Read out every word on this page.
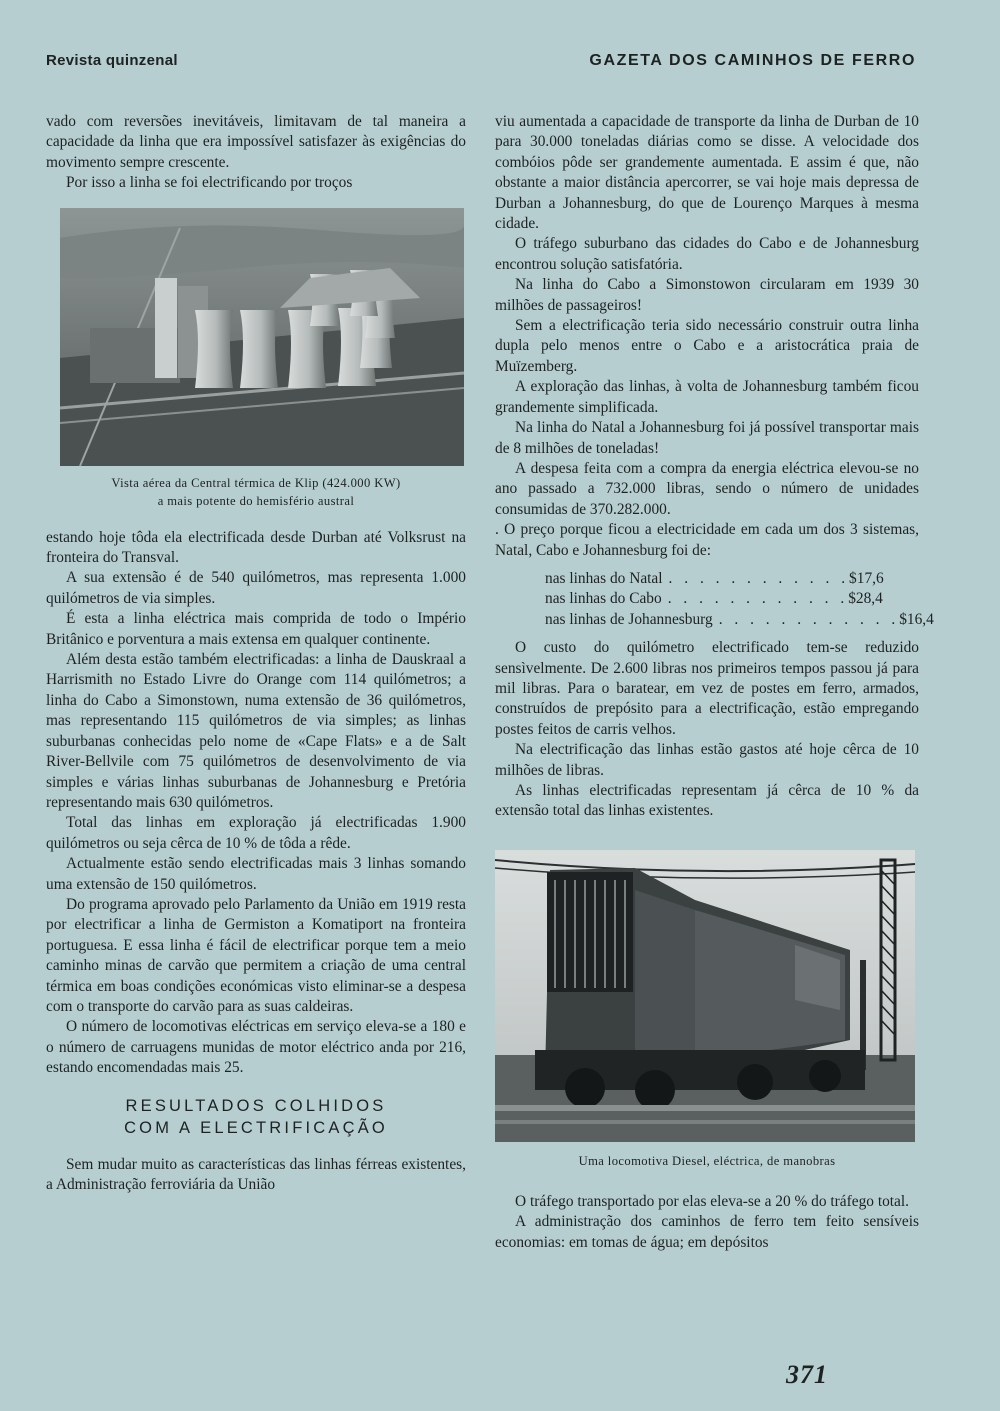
Revista quinzenal	GAZETA DOS CAMINHOS DE FERRO

vado com reversões inevitáveis, limitavam de tal maneira a capacidade da linha que era impossível satisfazer às exigências do movimento sempre crescente.

Por isso a linha se foi electrificando por troços

Vista aérea da Central térmica de Klip (424.000 KW)
a mais potente do hemisfério austral

estando hoje tôda ela electrificada desde Durban até Volksrust na fronteira do Transval.

A sua extensão é de 540 quilómetros, mas representa 1.000 quilómetros de via simples.

É esta a linha eléctrica mais comprida de todo o Império Britânico e porventura a mais extensa em qualquer continente.

Além desta estão também electrificadas: a linha de Dauskraal a Harrismith no Estado Livre do Orange com 114 quilómetros; a linha do Cabo a Simonstown, numa extensão de 36 quilómetros, mas representando 115 quilómetros de via simples; as linhas suburbanas conhecidas pelo nome de «Cape Flats» e a de Salt River-Bellvile com 75 quilómetros de desenvolvimento de via simples e várias linhas suburbanas de Johannesburg e Pretória representando mais 630 quilómetros.

Total das linhas em exploração já electrificadas 1.900 quilómetros ou seja cêrca de 10 % de tôda a rêde.

Actualmente estão sendo electrificadas mais 3 linhas somando uma extensão de 150 quilómetros.

Do programa aprovado pelo Parlamento da União em 1919 resta por electrificar a linha de Germiston a Komatiport na fronteira portuguesa. E essa linha é fácil de electrificar porque tem a meio caminho minas de carvão que permitem a criação de uma central térmica em boas condições económicas visto eliminar-se a despesa com o transporte do carvão para as suas caldeiras.

O número de locomotivas eléctricas em serviço eleva-se a 180 e o número de carruagens munidas de motor eléctrico anda por 216, estando encomendadas mais 25.

RESULTADOS COLHIDOS
COM A ELECTRIFICAÇÃO

Sem mudar muito as características das linhas férreas existentes, a Administração ferroviária da União

viu aumentada a capacidade de transporte da linha de Durban de 10 para 30.000 toneladas diárias como se disse. A velocidade dos combóios pôde ser grandemente aumentada. E assim é que, não obstante a maior distância apercorrer, se vai hoje mais depressa de Durban a Johannesburg, do que de Lourenço Marques à mesma cidade.

O tráfego suburbano das cidades do Cabo e de Johannesburg encontrou solução satisfatória.

Na linha do Cabo a Simonstowon circularam em 1939 30 milhões de passageiros!

Sem a electrificação teria sido necessário construir outra linha dupla pelo menos entre o Cabo e a aristocrática praia de Muïzemberg.

A exploração das linhas, à volta de Johannesburg também ficou grandemente simplificada.

Na linha do Natal a Johannesburg foi já possível transportar mais de 8 milhões de toneladas!

A despesa feita com a compra da energia eléctrica elevou-se no ano passado a 732.000 libras, sendo o número de unidades consumidas de 370.282.000.

. O preço porque ficou a electricidade em cada um dos 3 sistemas, Natal, Cabo e Johannesburg foi de:

nas linhas do Natal . . . . . . . . . . . . $17,6
nas linhas do Cabo . . . . . . . . . . . . $28,4
nas linhas de Johannesburg . . . . . . . . . . . . $16,4

O custo do quilómetro electrificado tem-se reduzido sensìvelmente. De 2.600 libras nos primeiros tempos passou já para mil libras. Para o baratear, em vez de postes em ferro, armados, construídos de prepósito para a electrificação, estão empregando postes feitos de carris velhos.

Na electrificação das linhas estão gastos até hoje cêrca de 10 milhões de libras.

As linhas electrificadas representam já cêrca de 10 % da extensão total das linhas existentes.

Uma locomotiva Diesel, eléctrica, de manobras

O tráfego transportado por elas eleva-se a 20 % do tráfego total.

A administração dos caminhos de ferro tem feito sensíveis economias: em tomas de água; em depósitos

371
